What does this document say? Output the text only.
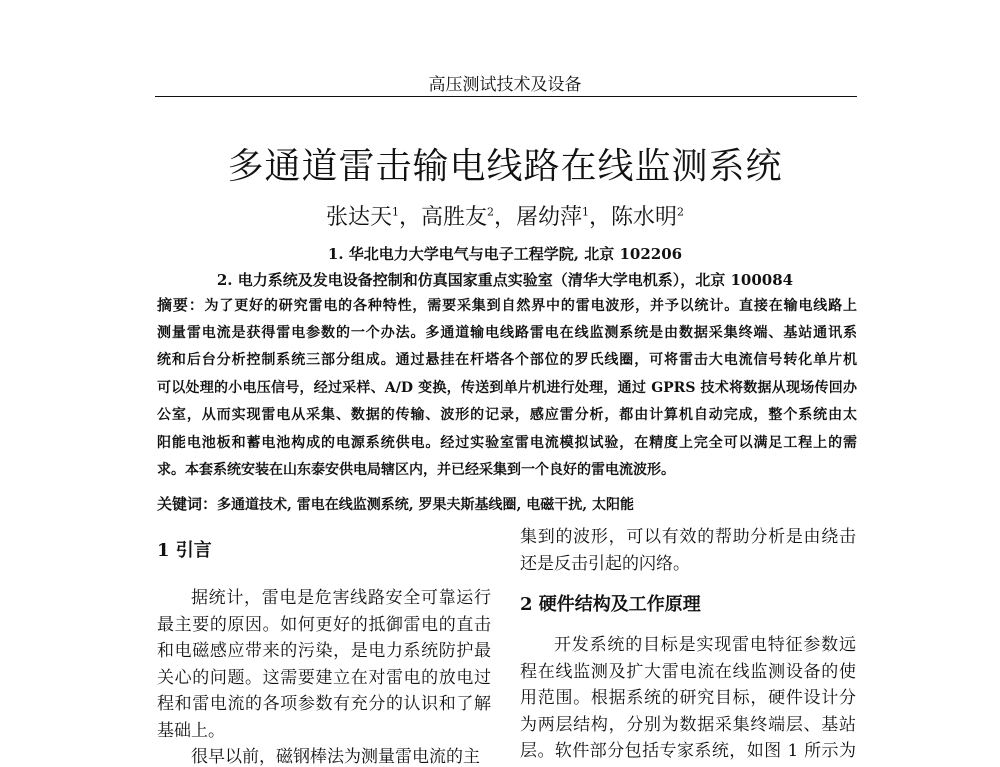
高压测试技术及设备
多通道雷击输电线路在线监测系统
张达天$^1$，高胜友$^2$，屠幼萍$^1$，陈水明$^2$
1. 华北电力大学电气与电子工程学院, 北京 102206
2. 电力系统及发电设备控制和仿真国家重点实验室（清华大学电机系），北京 100084
摘要：为了更好的研究雷电的各种特性，需要采集到自然界中的雷电波形，并予以统计。直接在输电线路上
测量雷电流是获得雷电参数的一个办法。多通道输电线路雷电在线监测系统是由数据采集终端、基站通讯系
统和后台分析控制系统三部分组成。通过悬挂在杆塔各个部位的罗氏线圈，可将雷击大电流信号转化单片机
可以处理的小电压信号，经过采样、A/D 变换，传送到单片机进行处理，通过 GPRS 技术将数据从现场传回办
公室，从而实现雷电从采集、数据的传输、波形的记录，感应雷分析，都由计算机自动完成，整个系统由太
阳能电池板和蓄电池构成的电源系统供电。经过实验室雷电流模拟试验，在精度上完全可以满足工程上的需
求。本套系统安装在山东泰安供电局辖区内，并已经采集到一个良好的雷电流波形。
关键词：多通道技术, 雷电在线监测系统, 罗果夫斯基线圈, 电磁干扰, 太阳能
1 引言
据统计，雷电是危害线路安全可靠运行
最主要的原因。如何更好的抵御雷电的直击
和电磁感应带来的污染，是电力系统防护最
关心的问题。这需要建立在对雷电的放电过
程和雷电流的各项参数有充分的认识和了解
基础上。
很早以前，磁钢棒法为测量雷电流的主
集到的波形，可以有效的帮助分析是由绕击
还是反击引起的闪络。
开发系统的目标是实现雷电特征参数远
程在线监测及扩大雷电流在线监测设备的使
用范围。根据系统的研究目标，硬件设计分
为两层结构，分别为数据采集终端层、基站
层。软件部分包括专家系统，如图 1 所示为
2 硬件结构及工作原理
